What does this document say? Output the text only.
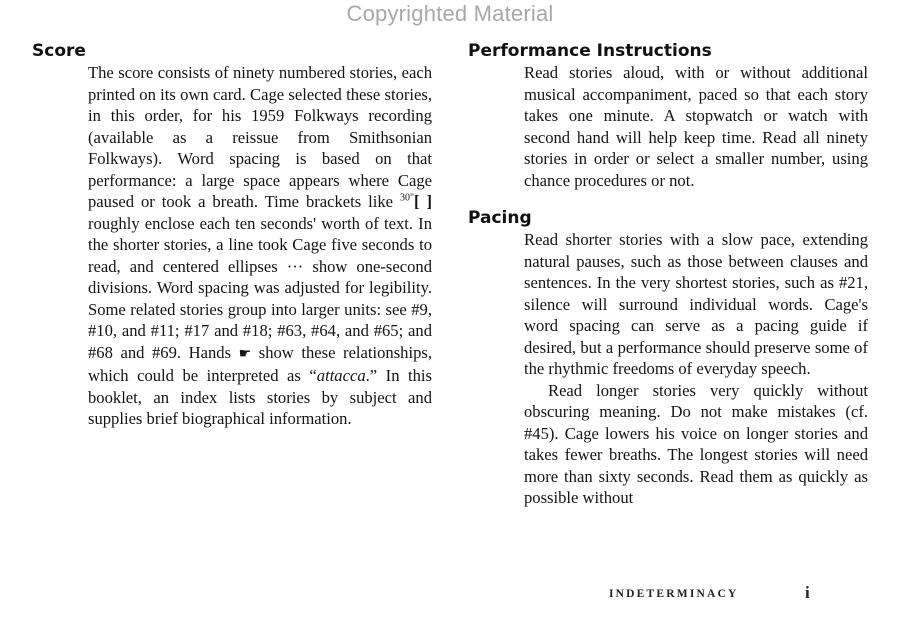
Copyrighted Material
Score

The score consists of ninety numbered stories, each printed on its own card. Cage selected these stories, in this order, for his 1959 Folkways recording (available as a reissue from Smithsonian Folkways). Word spacing is based on that performance: a large space appears where Cage paused or took a breath. Time brackets like $^{30"}$[ ] roughly enclose each ten seconds' worth of text. In the shorter stories, a line took Cage five seconds to read, and centered ellipses ··· show one-second divisions. Word spacing was adjusted for legibility. Some related stories group into larger units: see #9, #10, and #11; #17 and #18; #63, #64, and #65; and #68 and #69. Hands ☛ show these relationships, which could be interpreted as “attacca.” In this booklet, an index lists stories by subject and supplies brief biographical information.

Performance Instructions

Read stories aloud, with or without additional musical accompaniment, paced so that each story takes one minute. A stopwatch or watch with second hand will help keep time. Read all ninety stories in order or select a smaller number, using chance procedures or not.

Pacing

Read shorter stories with a slow pace, extending natural pauses, such as those between clauses and sentences. In the very shortest stories, such as #21, silence will surround individual words. Cage's word spacing can serve as a pacing guide if desired, but a performance should preserve some of the rhythmic freedoms of everyday speech.

Read longer stories very quickly without obscuring meaning. Do not make mistakes (cf. #45). Cage lowers his voice on longer stories and takes fewer breaths. The longest stories will need more than sixty seconds. Read them as quickly as possible without

INDETERMINACY	i
